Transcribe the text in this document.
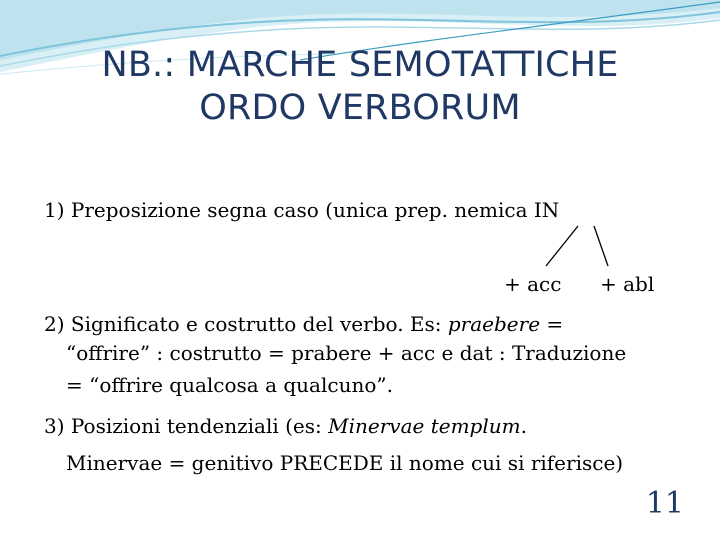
NB.: MARCHE SEMOTATTICHE
ORDO VERBORUM
1) Preposizione segna caso (unica prep. nemica IN
+ acc + abl
2) Significato e costrutto del verbo. Es: praebere =
“offrire” : costrutto = prabere + acc e dat : Traduzione
= “offrire qualcosa a qualcuno”.
3) Posizioni tendenziali (es: Minervae templum.
Minervae = genitivo PRECEDE il nome cui si riferisce)
11
